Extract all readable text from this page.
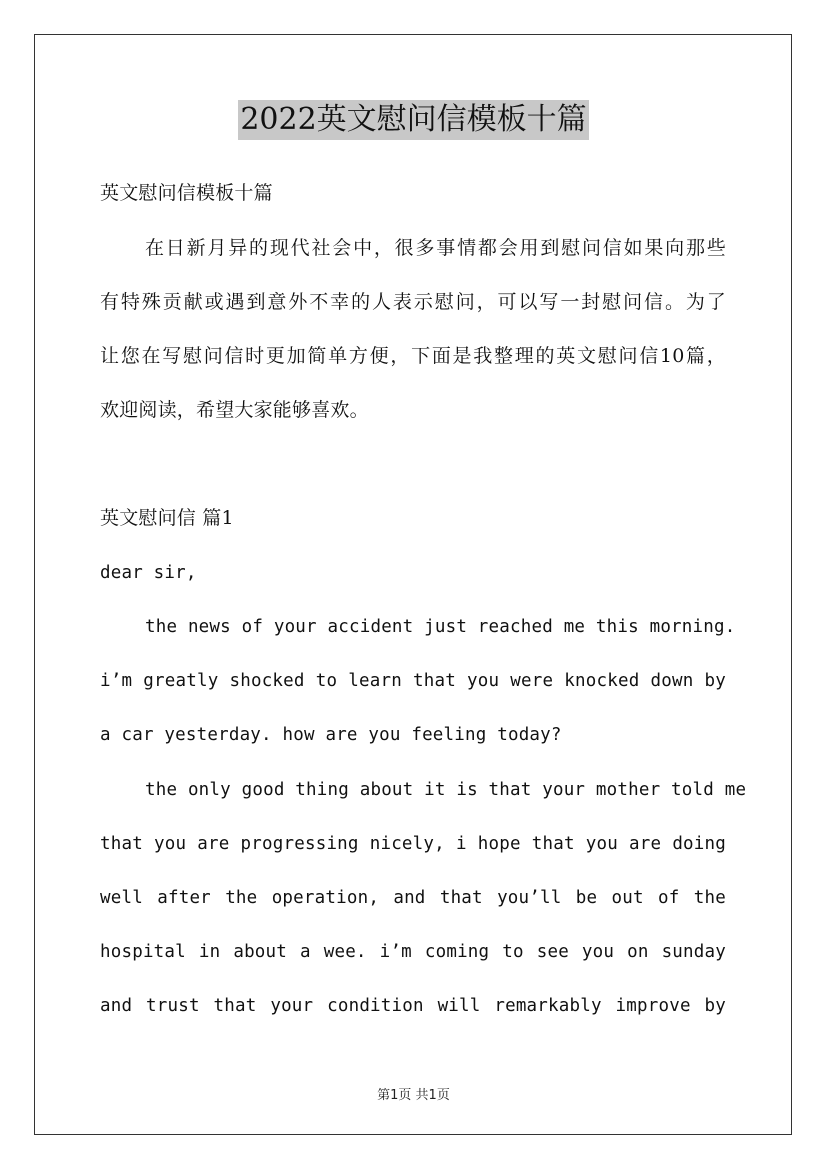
2022英文慰问信模板十篇
英文慰问信模板十篇
在日新月异的现代社会中，很多事情都会用到慰问信如果向那些
有特殊贡献或遇到意外不幸的人表示慰问，可以写一封慰问信。为了
让您在写慰问信时更加简单方便，下面是我整理的英文慰问信10篇，
欢迎阅读，希望大家能够喜欢。
英文慰问信 篇1
dear sir,
the news of your accident just reached me this morning.
i’m greatly shocked to learn that you were knocked down by
a car yesterday. how are you feeling today?
the only good thing about it is that your mother told me
that you are progressing nicely, i hope that you are doing
well after the operation, and that you’ll be out of the
hospital in about a wee. i’m coming to see you on sunday
and trust that your condition will remarkably improve by
第1页 共1页
